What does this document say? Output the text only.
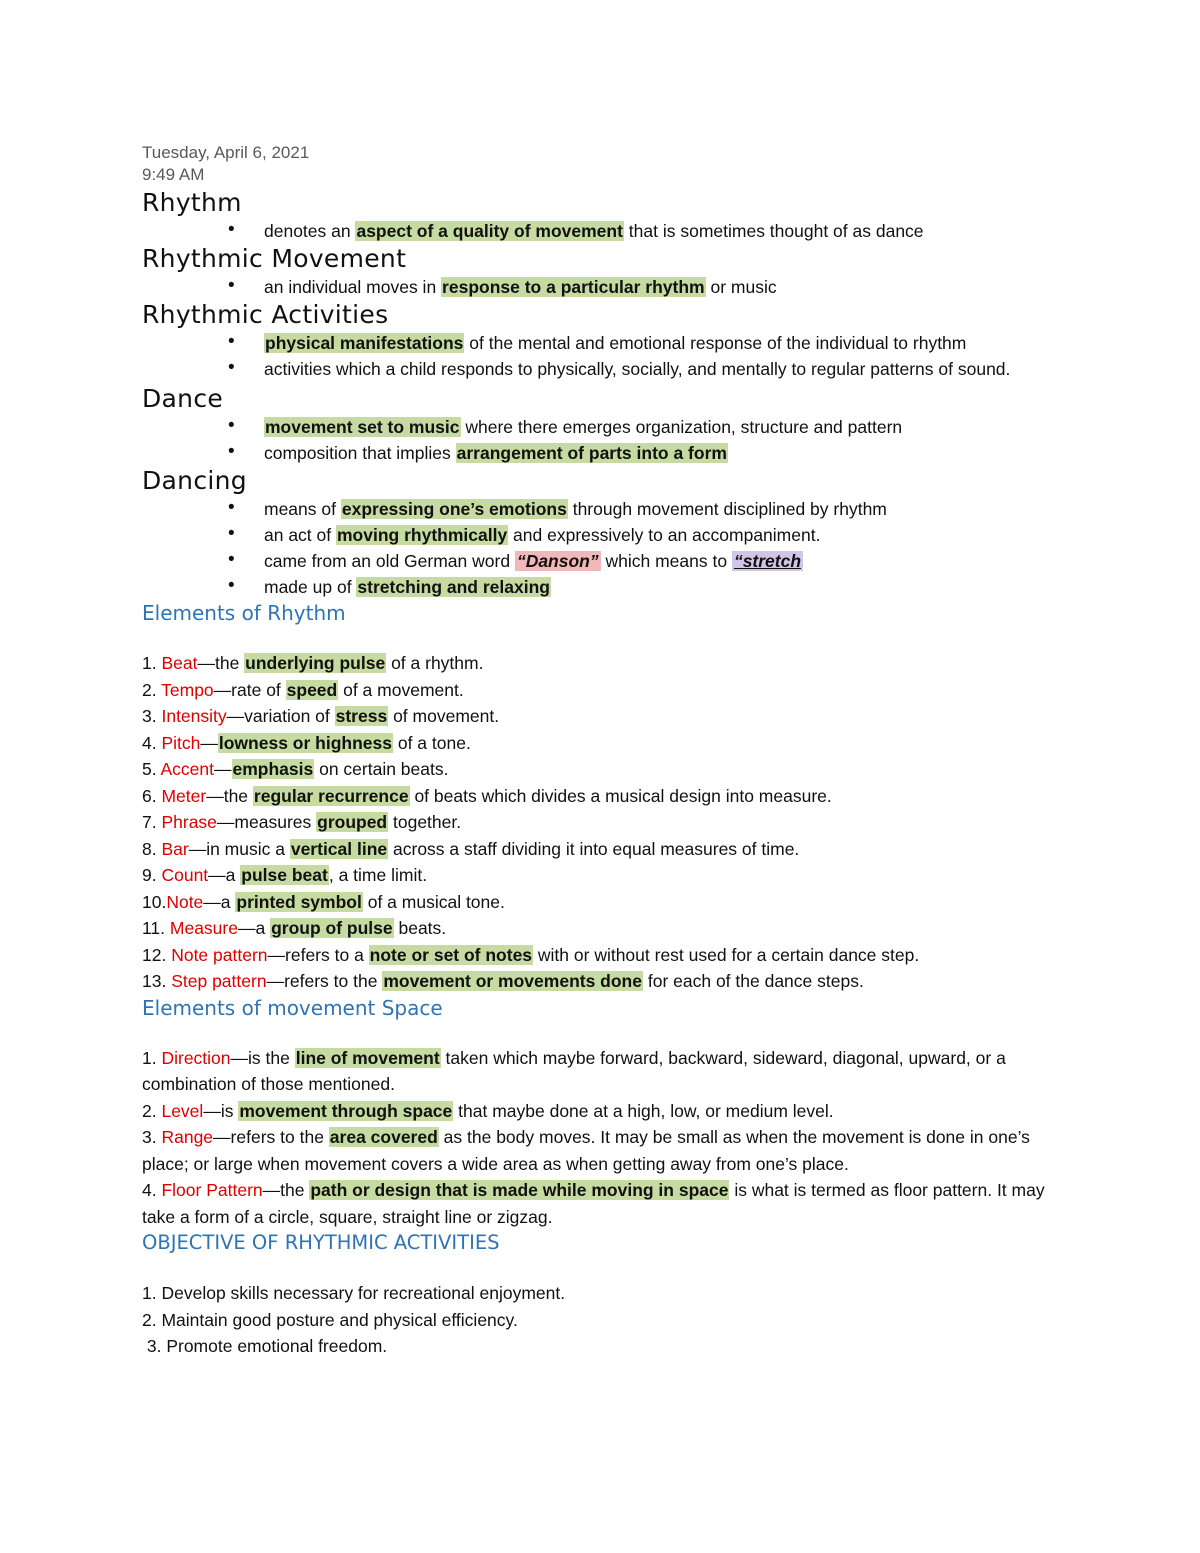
Tuesday, April 6, 2021

9:49 AM

Rhythm
• denotes an aspect of a quality of movement that is sometimes thought of as dance
Rhythmic Movement
• an individual moves in response to a particular rhythm or music
Rhythmic Activities
• physical manifestations of the mental and emotional response of the individual to rhythm
• activities which a child responds to physically, socially, and mentally to regular patterns of sound.
Dance
• movement set to music where there emerges organization, structure and pattern
• composition that implies arrangement of parts into a form
Dancing
• means of expressing one’s emotions through movement disciplined by rhythm
• an act of moving rhythmically and expressively to an accompaniment.
• came from an old German word “Danson” which means to “stretch
• made up of stretching and relaxing
Elements of Rhythm
1. Beat—the underlying pulse of a rhythm.
2. Tempo—rate of speed of a movement.
3. Intensity—variation of stress of movement.
4. Pitch—lowness or highness of a tone.
5. Accent—emphasis on certain beats.
6. Meter—the regular recurrence of beats which divides a musical design into measure.
7. Phrase—measures grouped together.
8. Bar—in music a vertical line across a staff dividing it into equal measures of time.
9. Count—a pulse beat, a time limit.
10.Note—a printed symbol of a musical tone.
11. Measure—a group of pulse beats.
12. Note pattern—refers to a note or set of notes with or without rest used for a certain dance step.
13. Step pattern—refers to the movement or movements done for each of the dance steps.
Elements of movement Space
1. Direction—is the line of movement taken which maybe forward, backward, sideward, diagonal, upward, or a combination of those mentioned.
2. Level—is movement through space that maybe done at a high, low, or medium level.
3. Range—refers to the area covered as the body moves. It may be small as when the movement is done in one’s place; or large when movement covers a wide area as when getting away from one’s place.
4. Floor Pattern—the path or design that is made while moving in space is what is termed as floor pattern. It may take a form of a circle, square, straight line or zigzag.
OBJECTIVE OF RHYTHMIC ACTIVITIES
1. Develop skills necessary for recreational enjoyment.
2. Maintain good posture and physical efficiency.
3. Promote emotional freedom.
